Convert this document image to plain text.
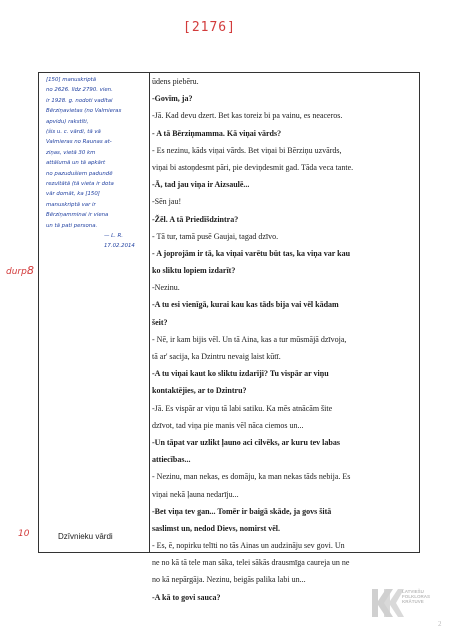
[2176]
durp.
8
10
[150] manuskriptā
no 2626. līdz 2790. vien.
ir 1928. g. nodoti vadītai
Bērziņavietas (no Valmieras
apvidu) rakstīti,
(šis u. c. vārdi, tā vā
Valmieras no Raunas at-
ziņas, vietā 30 km
attālumā un tā apkārt
no pazudušiem padundē
rezultātā (tā vieta ir dota
vār domāt, ka [150]
manuskriptā var ir
Bērziņamminai ir viena
un tā pati persona.
— L. R.
17.02.2014
Dzīvnieku vārdi
ūdens piebēru.
-Govīm, ja?
-Jā. Kad devu dzert. Bet kas toreiz bi pa vainu, es neaceros.
- A tā Bērziņmamma. Kā viņai vārds?
- Es nezinu, kāds viņai vārds. Bet viņai bi Bērziņu uzvārds,
viņai bi astoņdesmt pāri, pie deviņdesmit gad. Tāda veca tante.
-Ā, tad jau viņa ir Aizsaulē...
-Sēn jau!
-Žēl. A tā Priedīšdzintra?
- Tā tur, tamā pusē Gaujai, tagad dzīvo.
- A joprojām ir tā, ka viņai varētu būt tas, ka viņa var kau
ko sliktu lopiem izdarīt?
-Nezinu.
-A tu esi vienīgā, kurai kau kas tāds bija vai vēl kādam
šeit?
- Nē, ir kam bijis vēl. Un tā Aina, kas a tur mūsmājā dzīvoja,
tā ar' sacija, ka Dzintru nevaig laist kūtī.
-A tu viņai kaut ko sliktu izdarīji? Tu vispār ar viņu
kontaktējies, ar to Dzintru?
-Jā. Es vispār ar viņu tā labi satiku. Ka mēs atnācām šite
dzīvot, tad viņa pie manis vēl nāca ciemos un...
-Un tāpat var uzlikt ļauno aci cilvēks, ar kuru tev labas
attiecības...
- Nezinu, man nekas, es domāju, ka man nekas tāds nebija. Es
viņai nekā ļauna nedarīju...
-Bet viņa tev gan... Tomēr ir baigā skāde, ja govs šitā
saslimst un, nedod Dievs, nomirst vēl.
- Es, ē, nopirku telīti no tās Ainas un audzināju sev govi. Un
ne no kā tā tele man sāka, telei sākās drausmīga caureja un ne
no kā nepārgāja. Nezinu, beigās palika labi un...
-A kā to govi sauca?
LATVIEŠU
FOLKLORAS
KRĀTUVE
2
